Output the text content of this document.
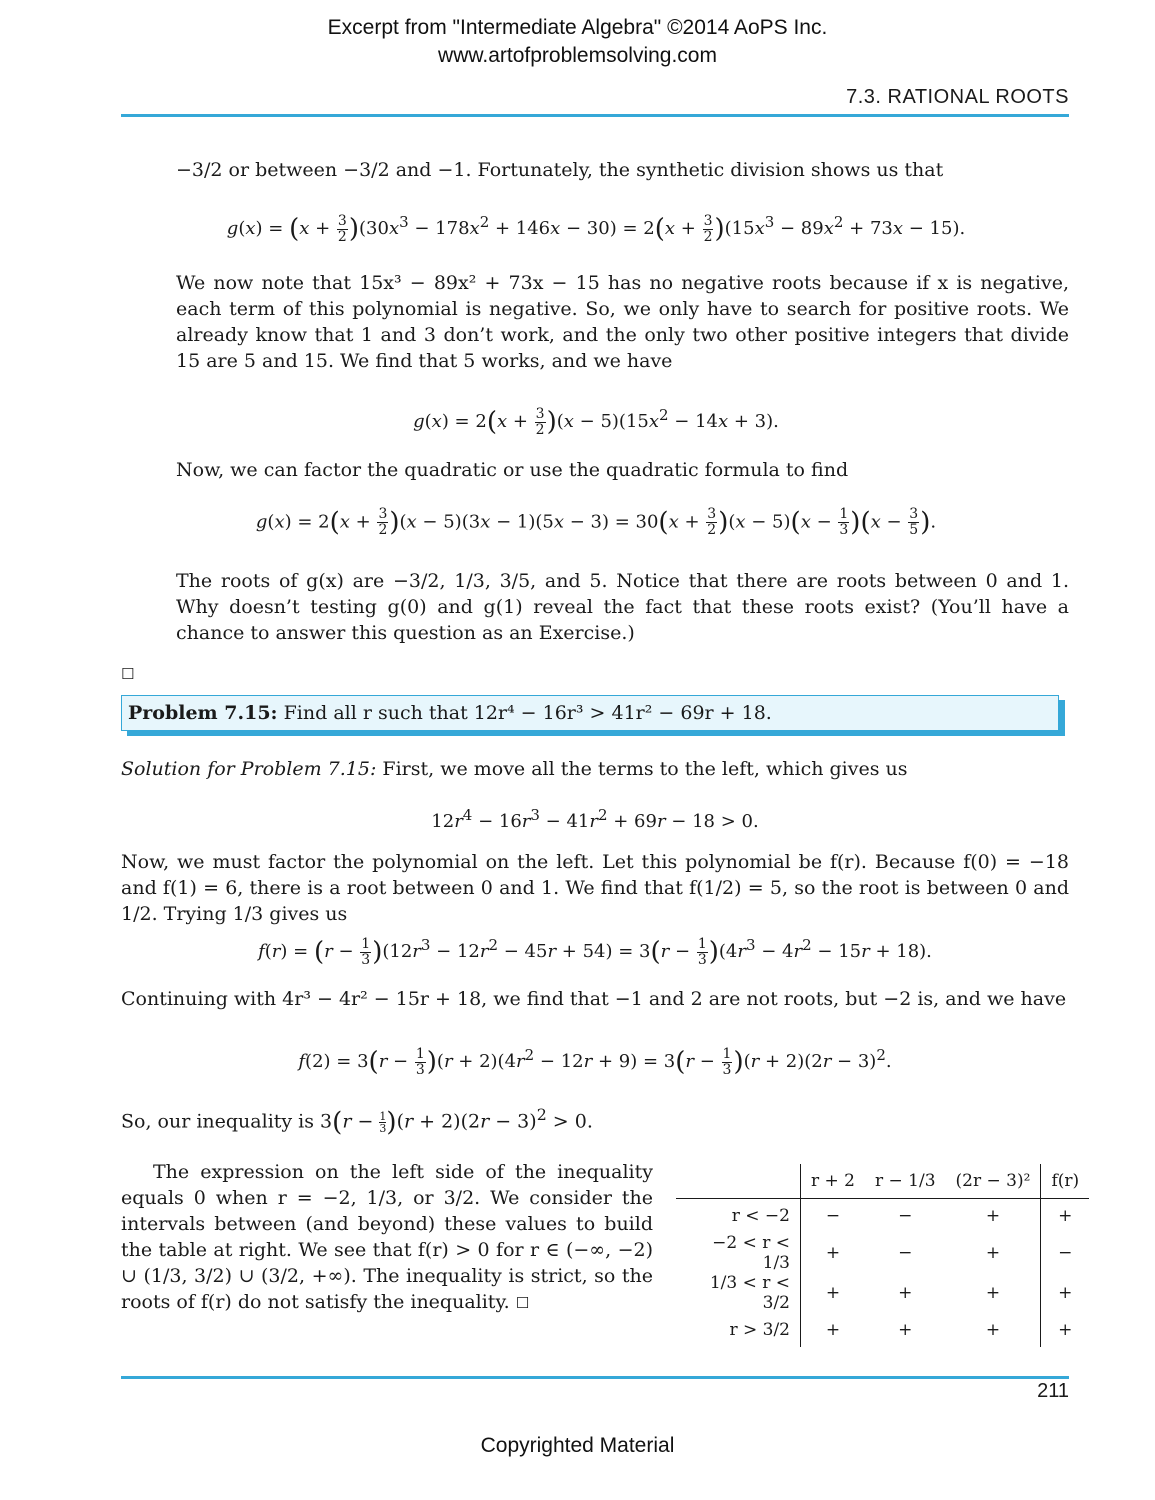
Excerpt from "Intermediate Algebra" ©2014 AoPS Inc.
www.artofproblemsolving.com
7.3. RATIONAL ROOTS
−3/2 or between −3/2 and −1. Fortunately, the synthetic division shows us that
$g(x) = (x + \frac{3}{2} )(30x^3 - 178x^2 + 146x - 30) = 2(x + \frac{3}{2} )(15x^3 - 89x^2 + 73x - 15)$.
We now note that 15x³ − 89x² + 73x − 15 has no negative roots because if x is negative, each term of this polynomial is negative. So, we only have to search for positive roots. We already know that 1 and 3 don’t work, and the only two other positive integers that divide 15 are 5 and 15. We find that 5 works, and we have
$g(x) = 2(x + \frac{3}{2} )(x - 5)(15x^2 - 14x + 3)$.
Now, we can factor the quadratic or use the quadratic formula to find
$g(x) = 2(x + \frac{3}{2} )(x - 5)(3x - 1)(5x - 3) = 30(x + \frac{3}{2} )(x - 5)(x - \frac{1}{3} )(x - \frac{3}{5}$ ).
The roots of g(x) are −3/2, 1/3, 3/5, and 5. Notice that there are roots between 0 and 1. Why doesn’t testing g(0) and g(1) reveal the fact that these roots exist? (You’ll have a chance to answer this question as an Exercise.)
☐
Problem 7.15: Find all r such that 12r⁴ − 16r³ > 41r² − 69r + 18.
Solution for Problem 7.15: First, we move all the terms to the left, which gives us
$12r^4 - 16r^3 - 41r^2 + 69r - 18 > 0$.
Now, we must factor the polynomial on the left. Let this polynomial be f(r). Because f(0) = −18 and f(1) = 6, there is a root between 0 and 1. We find that f(1/2) = 5, so the root is between 0 and 1/2. Trying 1/3 gives us
$f(r) = (r - \frac{1}{3} )(12r^3 - 12r^2 - 45r + 54) = 3(r - \frac{1}{3} )(4r^3 - 4r^2 - 15r + 18)$.
Continuing with 4r³ − 4r² − 15r + 18, we find that −1 and 2 are not roots, but −2 is, and we have
$f(2) = 3(r - \frac{1}{3} )(r + 2)(4r^2 - 12r + 9) = 3(r - \frac{1}{3} )(r + 2)(2r - 3)^2$.
So, our inequality is $3(r - \frac{1}{3} )(r + 2)(2r - 3)^2 > 0$.
The expression on the left side of the inequality equals 0 when r = −2, 1/3, or 3/2. We consider the intervals between (and beyond) these values to build the table at right. We see that f(r) > 0 for r ∈ (−∞, −2) ∪ (1/3, 3/2) ∪ (3/2, +∞). The inequality is strict, so the roots of f(r) do not satisfy the inequality. ☐
	r + 2	r − 1/3	(2r − 3)²	f(r)
r < −2	−	−	+	+
−2 < r < 1/3	+	−	+	−
1/3 < r < 3/2	+	+	+	+
r > 3/2	+	+	+	+
211
Copyrighted Material
